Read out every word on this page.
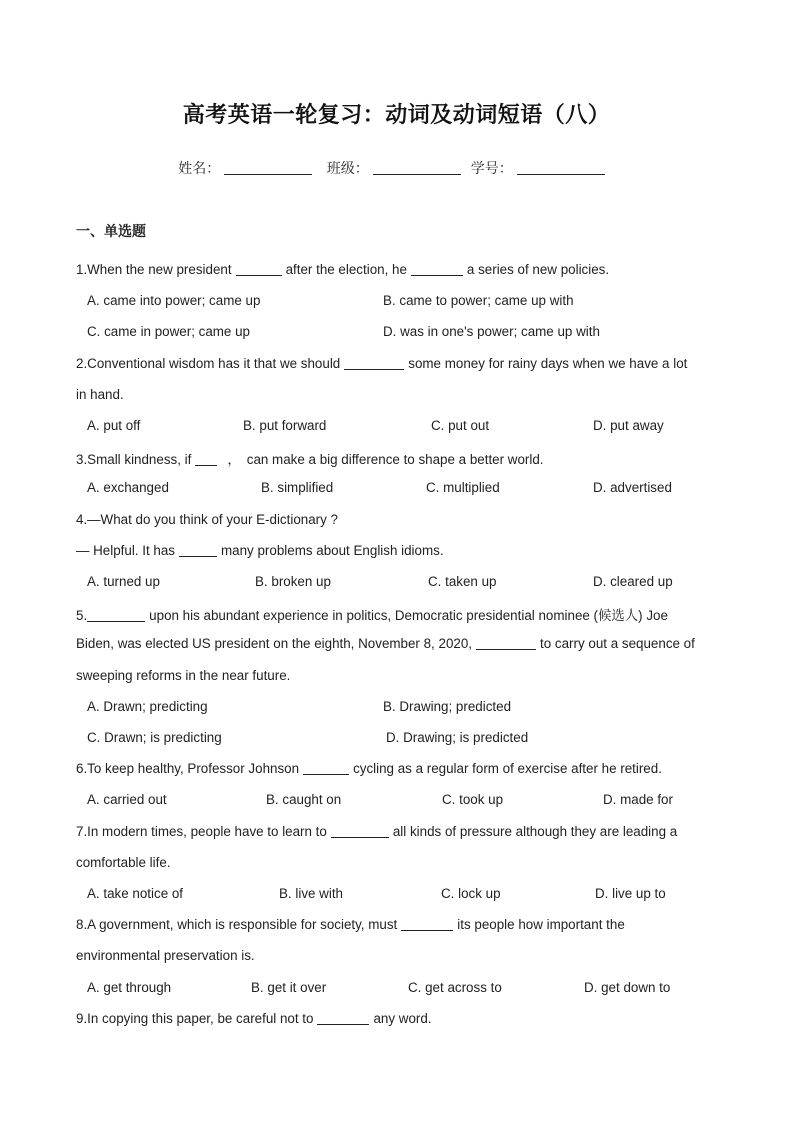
高考英语一轮复习：动词及动词短语（八）
姓名：	班级：	学号：
一、单选题
1.When the new president	after the election, he	a series of new policies.
A. came into power; came up	B. came to power; came up with
C. came in power; came up	D. was in one's power; came up with
2.Conventional wisdom has it that we should	some money for rainy days when we have a lot
in hand.
A. put off	B. put forward	C. put out	D. put away
3.Small kindness, if	， can make a big difference to shape a better world.
A. exchanged	B. simplified	C. multiplied	D. advertised
4.—What do you think of your E-dictionary ?
— Helpful. It has	many problems about English idioms.
A. turned up	B. broken up	C. taken up	D. cleared up
5.	upon his abundant experience in politics, Democratic presidential nominee (候选人) Joe
Biden, was elected US president on the eighth, November 8, 2020,	to carry out a sequence of
sweeping reforms in the near future.
A. Drawn; predicting	B. Drawing; predicted
C. Drawn; is predicting	D. Drawing; is predicted
6.To keep healthy, Professor Johnson	cycling as a regular form of exercise after he retired.
A. carried out	B. caught on	C. took up	D. made for
7.In modern times, people have to learn to	all kinds of pressure although they are leading a
comfortable life.
A. take notice of	B. live with	C. lock up	D. live up to
8.A government, which is responsible for society, must	its people how important the
environmental preservation is.
A. get through	B. get it over	C. get across to	D. get down to
9.In copying this paper, be careful not to	any word.
